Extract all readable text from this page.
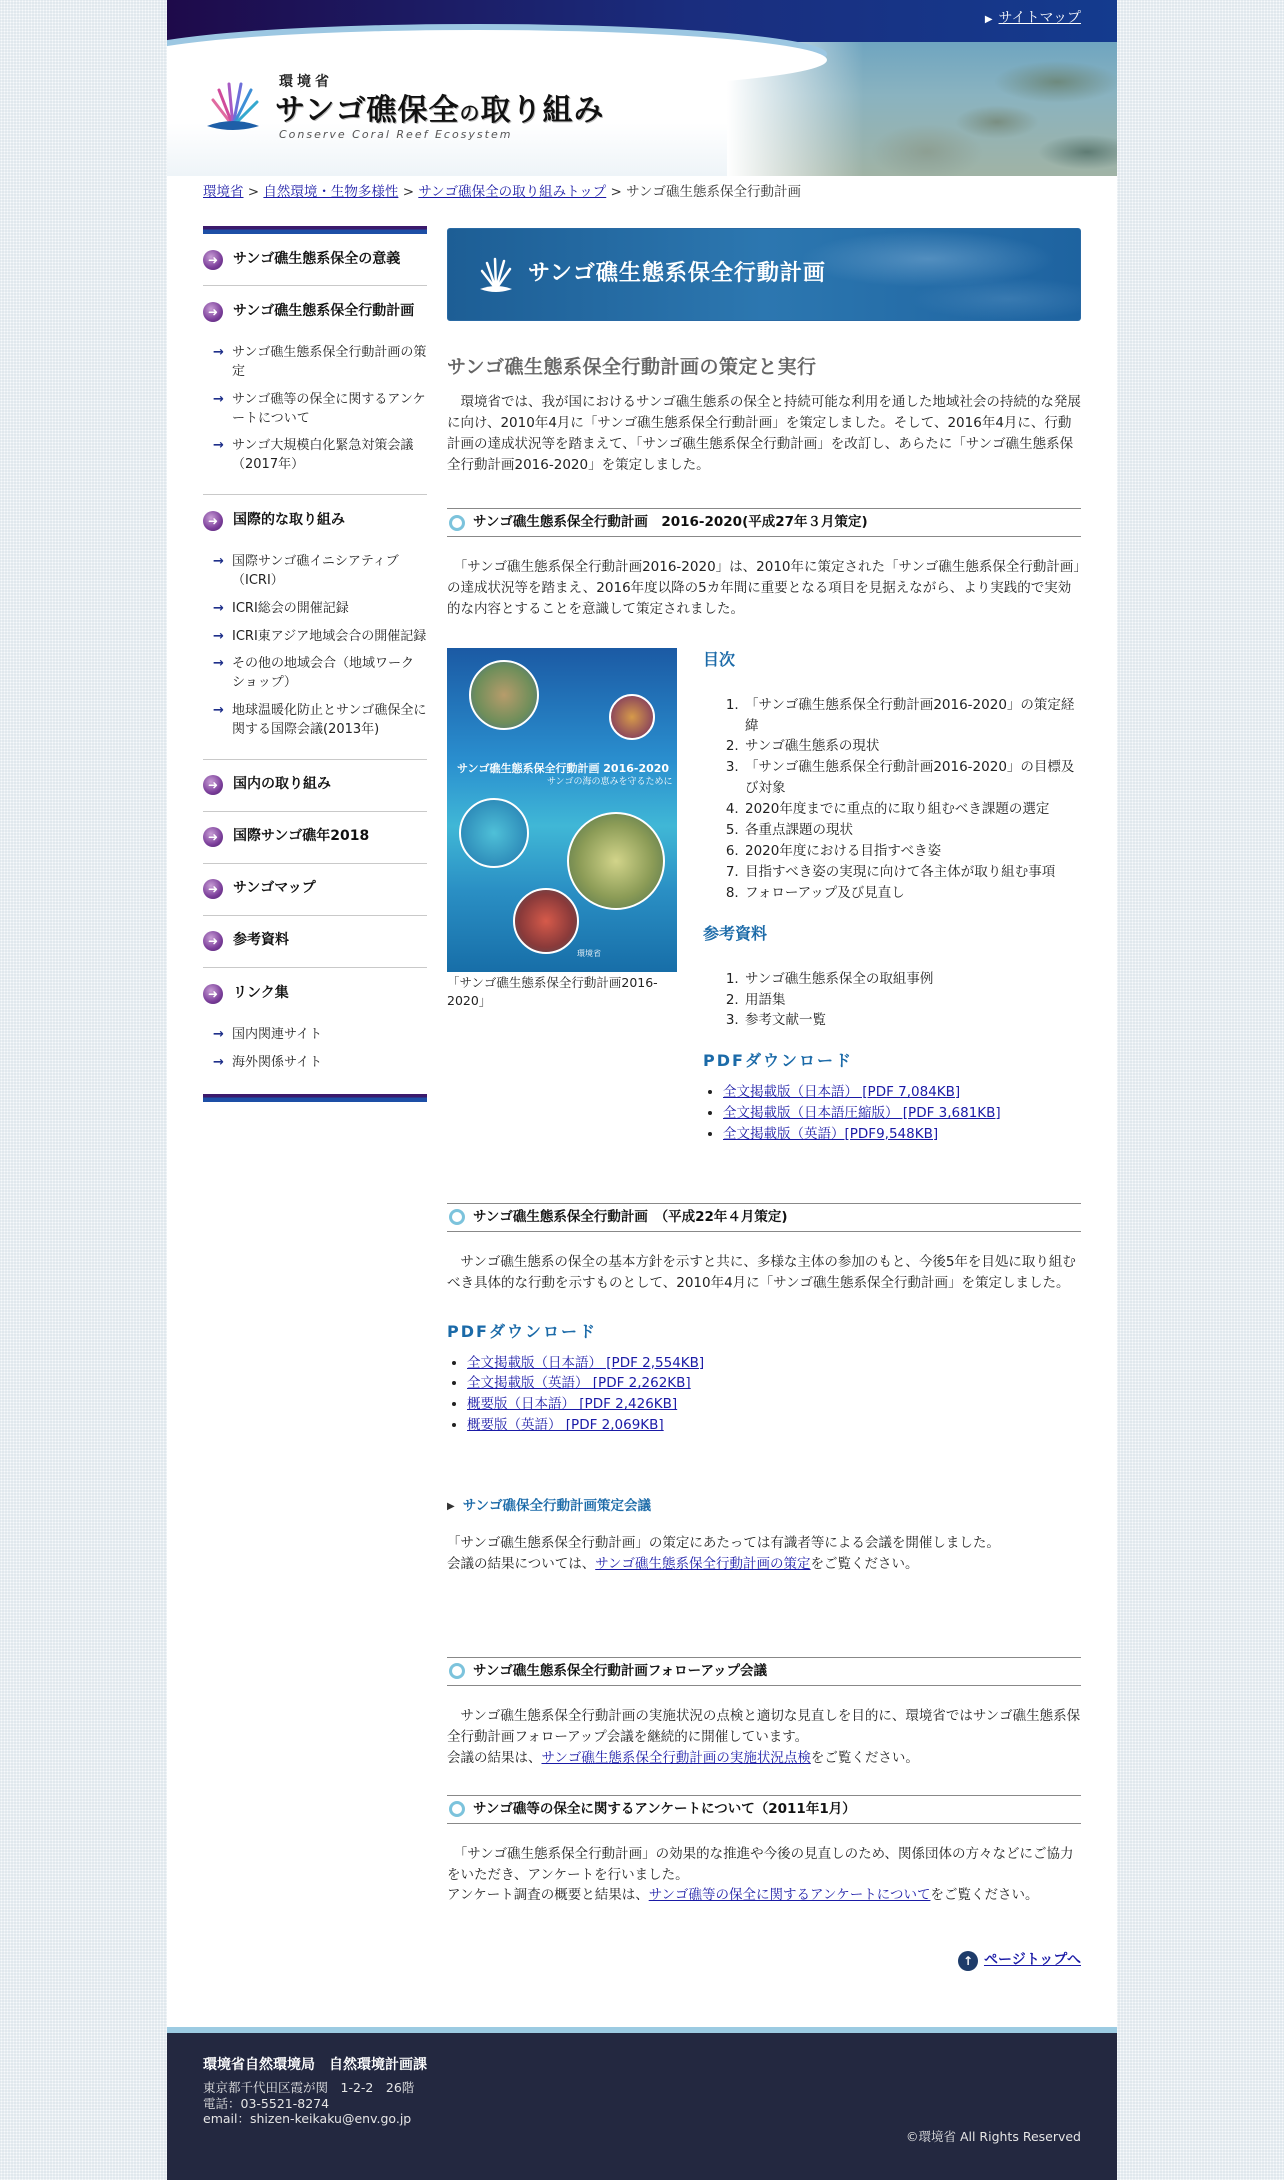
▶ サイトマップ
環境省
サンゴ礁保全の取り組み
Conserve Coral Reef Ecosystem
環境省 > 自然環境・生物多様性 > サンゴ礁保全の取り組みトップ > サンゴ礁生態系保全行動計画
➜	サンゴ礁生態系保全の意義
➜	サンゴ礁生態系保全行動計画
→ サンゴ礁生態系保全行動計画の策定
→ サンゴ礁等の保全に関するアンケートについて
→ サンゴ大規模白化緊急対策会議（2017年）
➜	国際的な取り組み
→ 国際サンゴ礁イニシアティブ（ICRI）
→ ICRI総会の開催記録
→ ICRI東アジア地域会合の開催記録
→ その他の地域会合（地域ワークショップ）
→ 地球温暖化防止とサンゴ礁保全に関する国際会議(2013年)
➜	国内の取り組み
➜	国際サンゴ礁年2018
➜	サンゴマップ
➜	参考資料
➜	リンク集
→ 国内関連サイト
→ 海外関係サイト
サンゴ礁生態系保全行動計画
サンゴ礁生態系保全行動計画の策定と実行

　環境省では、我が国におけるサンゴ礁生態系の保全と持続可能な利用を通した地域社会の持続的な発展に向け、2010年4月に「サンゴ礁生態系保全行動計画」を策定しました。そして、2016年4月に、行動計画の達成状況等を踏まえて、「サンゴ礁生態系保全行動計画」を改訂し、あらたに「サンゴ礁生態系保全行動計画2016-2020」を策定しました。

サンゴ礁生態系保全行動計画　2016-2020(平成27年３月策定)

　「サンゴ礁生態系保全行動計画2016-2020」は、2010年に策定された「サンゴ礁生態系保全行動計画」の達成状況等を踏まえ、2016年度以降の5カ年間に重要となる項目を見据えながら、より実践的で実効的な内容とすることを意識して策定されました。

サンゴ礁生態系保全行動計画 2016-2020
サンゴの海の恵みを守るために
環境省
「サンゴ礁生態系保全行動計画2016-2020」
目次
1. 「サンゴ礁生態系保全行動計画2016-2020」の策定経緯
2. サンゴ礁生態系の現状
3. 「サンゴ礁生態系保全行動計画2016-2020」の目標及び対象
4. 2020年度までに重点的に取り組むべき課題の選定
5. 各重点課題の現状
6. 2020年度における目指すべき姿
7. 目指すべき姿の実現に向けて各主体が取り組む事項
8. フォローアップ及び見直し
参考資料
1. サンゴ礁生態系保全の取組事例
2. 用語集
3. 参考文献一覧
PDFダウンロード
• 全文掲載版（日本語） [PDF 7,084KB]
• 全文掲載版（日本語圧縮版） [PDF 3,681KB]
• 全文掲載版（英語）[PDF9,548KB]
サンゴ礁生態系保全行動計画　（平成22年４月策定)

　サンゴ礁生態系の保全の基本方針を示すと共に、多様な主体の参加のもと、今後5年を目処に取り組むべき具体的な行動を示すものとして、2010年4月に「サンゴ礁生態系保全行動計画」を策定しました。

PDFダウンロード
• 全文掲載版（日本語） [PDF 2,554KB]
• 全文掲載版（英語） [PDF 2,262KB]
• 概要版（日本語） [PDF 2,426KB]
• 概要版（英語） [PDF 2,069KB]
▶ サンゴ礁保全行動計画策定会議

「サンゴ礁生態系保全行動計画」の策定にあたっては有識者等による会議を開催しました。

会議の結果については、サンゴ礁生態系保全行動計画の策定をご覧ください。

サンゴ礁生態系保全行動計画フォローアップ会議

　サンゴ礁生態系保全行動計画の実施状況の点検と適切な見直しを目的に、環境省ではサンゴ礁生態系保全行動計画フォローアップ会議を継続的に開催しています。

会議の結果は、サンゴ礁生態系保全行動計画の実施状況点検をご覧ください。

サンゴ礁等の保全に関するアンケートについて（2011年1月）

　「サンゴ礁生態系保全行動計画」の効果的な推進や今後の見直しのため、関係団体の方々などにご協力をいただき、アンケートを行いました。

アンケート調査の概要と結果は、サンゴ礁等の保全に関するアンケートについてをご覧ください。

↑ ページトップへ
環境省自然環境局　自然環境計画課
東京都千代田区霞が関　1-2-2　26階
電話：03-5521-8274
email：shizen-keikaku@env.go.jp
©環境省 All Rights Reserved
